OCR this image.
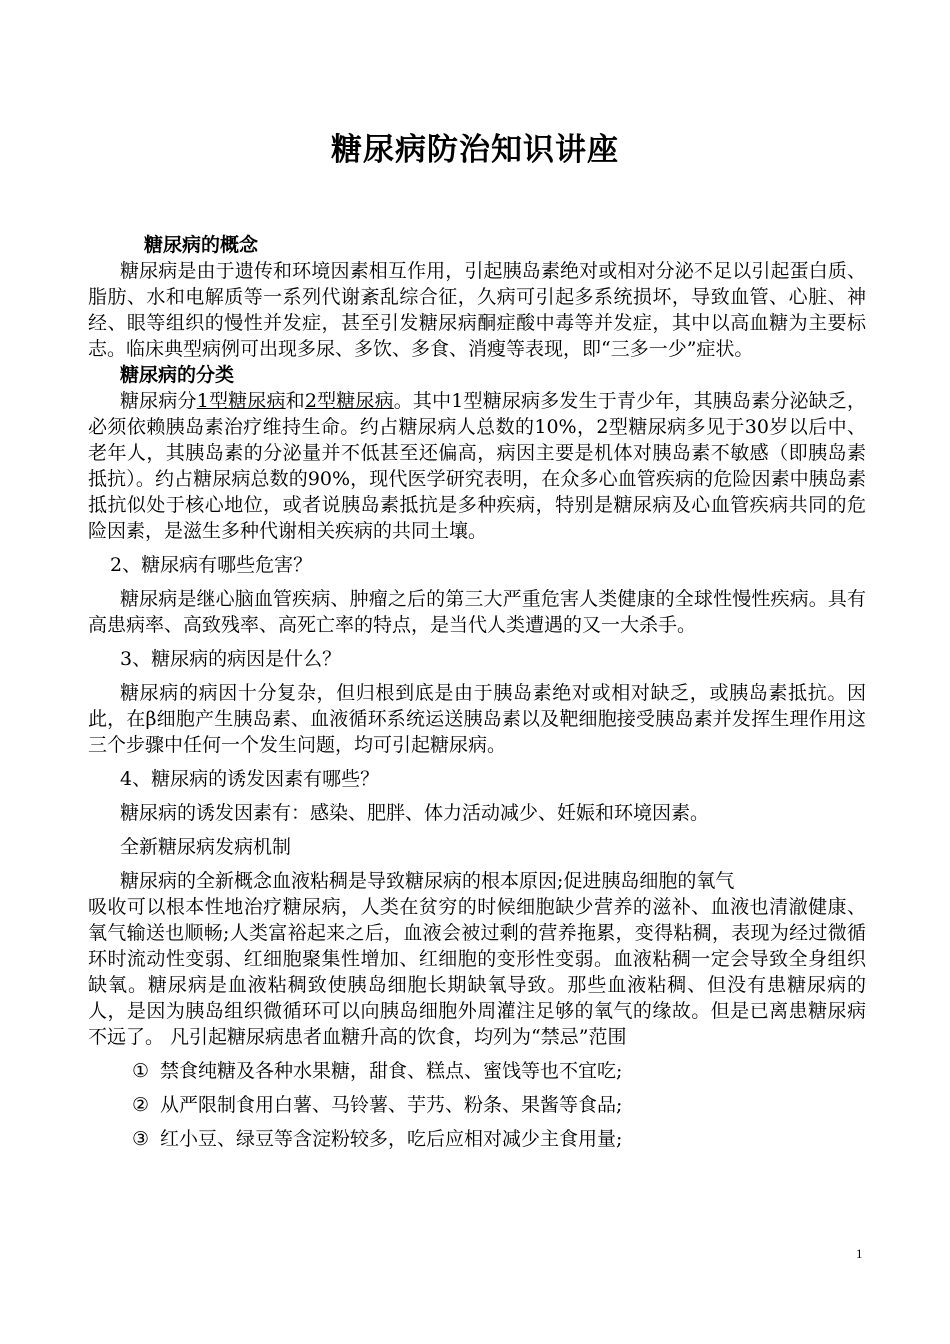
糖尿病防治知识讲座

糖尿病的概念

糖尿病是由于遗传和环境因素相互作用，引起胰岛素绝对或相对分泌不足以引起蛋白质、脂肪、水和电解质等一系列代谢紊乱综合征，久病可引起多系统损坏，导致血管、心脏、神经、眼等组织的慢性并发症，甚至引发糖尿病酮症酸中毒等并发症，其中以高血糖为主要标志。临床典型病例可出现多尿、多饮、多食、消瘦等表现，即“三多一少”症状。

糖尿病的分类

糖尿病分1型糖尿病和2型糖尿病。其中1型糖尿病多发生于青少年，其胰岛素分泌缺乏，必须依赖胰岛素治疗维持生命。约占糖尿病人总数的10%，2型糖尿病多见于30岁以后中、老年人，其胰岛素的分泌量并不低甚至还偏高，病因主要是机体对胰岛素不敏感（即胰岛素抵抗）。约占糖尿病总数的90%，现代医学研究表明，在众多心血管疾病的危险因素中胰岛素抵抗似处于核心地位，或者说胰岛素抵抗是多种疾病，特别是糖尿病及心血管疾病共同的危险因素，是滋生多种代谢相关疾病的共同土壤。

2、糖尿病有哪些危害？

糖尿病是继心脑血管疾病、肿瘤之后的第三大严重危害人类健康的全球性慢性疾病。具有高患病率、高致残率、高死亡率的特点，是当代人类遭遇的又一大杀手。

3、糖尿病的病因是什么？

糖尿病的病因十分复杂，但归根到底是由于胰岛素绝对或相对缺乏，或胰岛素抵抗。因此，在β细胞产生胰岛素、血液循环系统运送胰岛素以及靶细胞接受胰岛素并发挥生理作用这三个步骤中任何一个发生问题，均可引起糖尿病。

4、糖尿病的诱发因素有哪些？

糖尿病的诱发因素有：感染、肥胖、体力活动减少、妊娠和环境因素。

全新糖尿病发病机制

糖尿病的全新概念血液粘稠是导致糖尿病的根本原因;促进胰岛细胞的氧气

吸收可以根本性地治疗糖尿病，人类在贫穷的时候细胞缺少营养的滋补、血液也清澈健康、氧气输送也顺畅;人类富裕起来之后，血液会被过剩的营养拖累，变得粘稠，表现为经过微循环时流动性变弱、红细胞聚集性增加、红细胞的变形性变弱。血液粘稠一定会导致全身组织缺氧。糖尿病是血液粘稠致使胰岛细胞长期缺氧导致。那些血液粘稠、但没有患糖尿病的人，是因为胰岛组织微循环可以向胰岛细胞外周灌注足够的氧气的缘故。但是已离患糖尿病不远了。 凡引起糖尿病患者血糖升高的饮食，均列为“禁忌”范围

① 禁食纯糖及各种水果糖，甜食、糕点、蜜饯等也不宜吃;

② 从严限制食用白薯、马铃薯、芋艿、粉条、果酱等食品;

③ 红小豆、绿豆等含淀粉较多，吃后应相对减少主食用量;

1
